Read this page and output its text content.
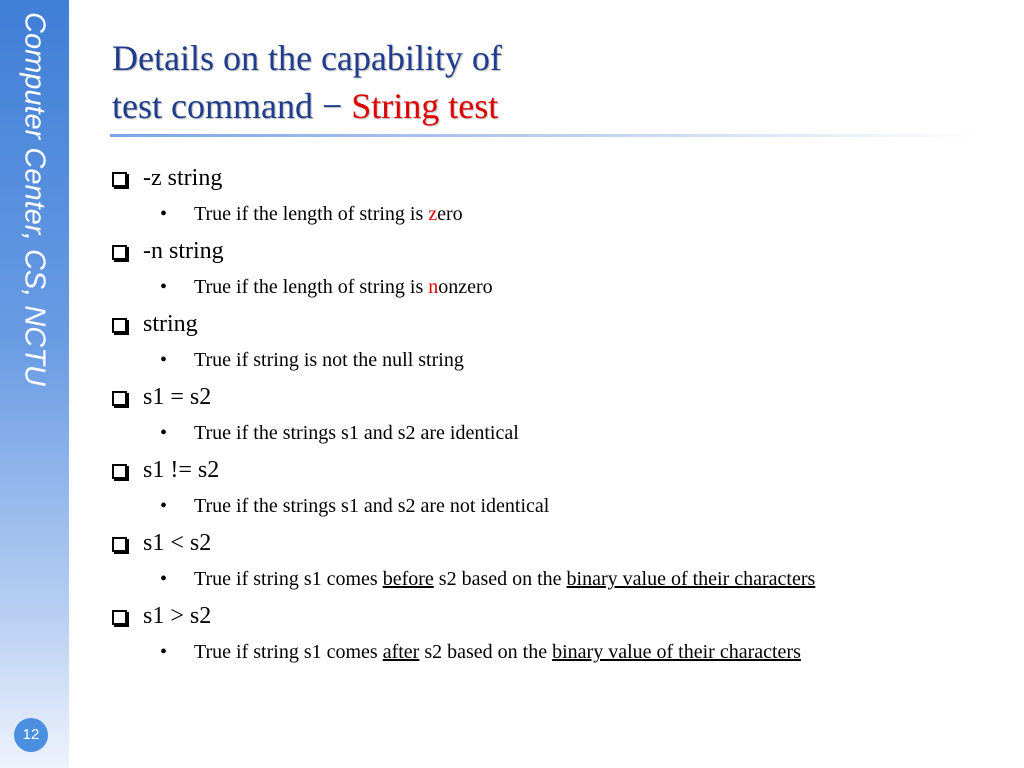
Computer Center, CS, NCTU
12
Details on the capability of
test command − String test
-z string
• True if the length of string is zero
-n string
• True if the length of string is nonzero
string
• True if string is not the null string
s1 = s2
• True if the strings s1 and s2 are identical
s1 != s2
• True if the strings s1 and s2 are not identical
s1 < s2
• True if string s1 comes before s2 based on the binary value of their characters
s1 > s2
• True if string s1 comes after s2 based on the binary value of their characters
